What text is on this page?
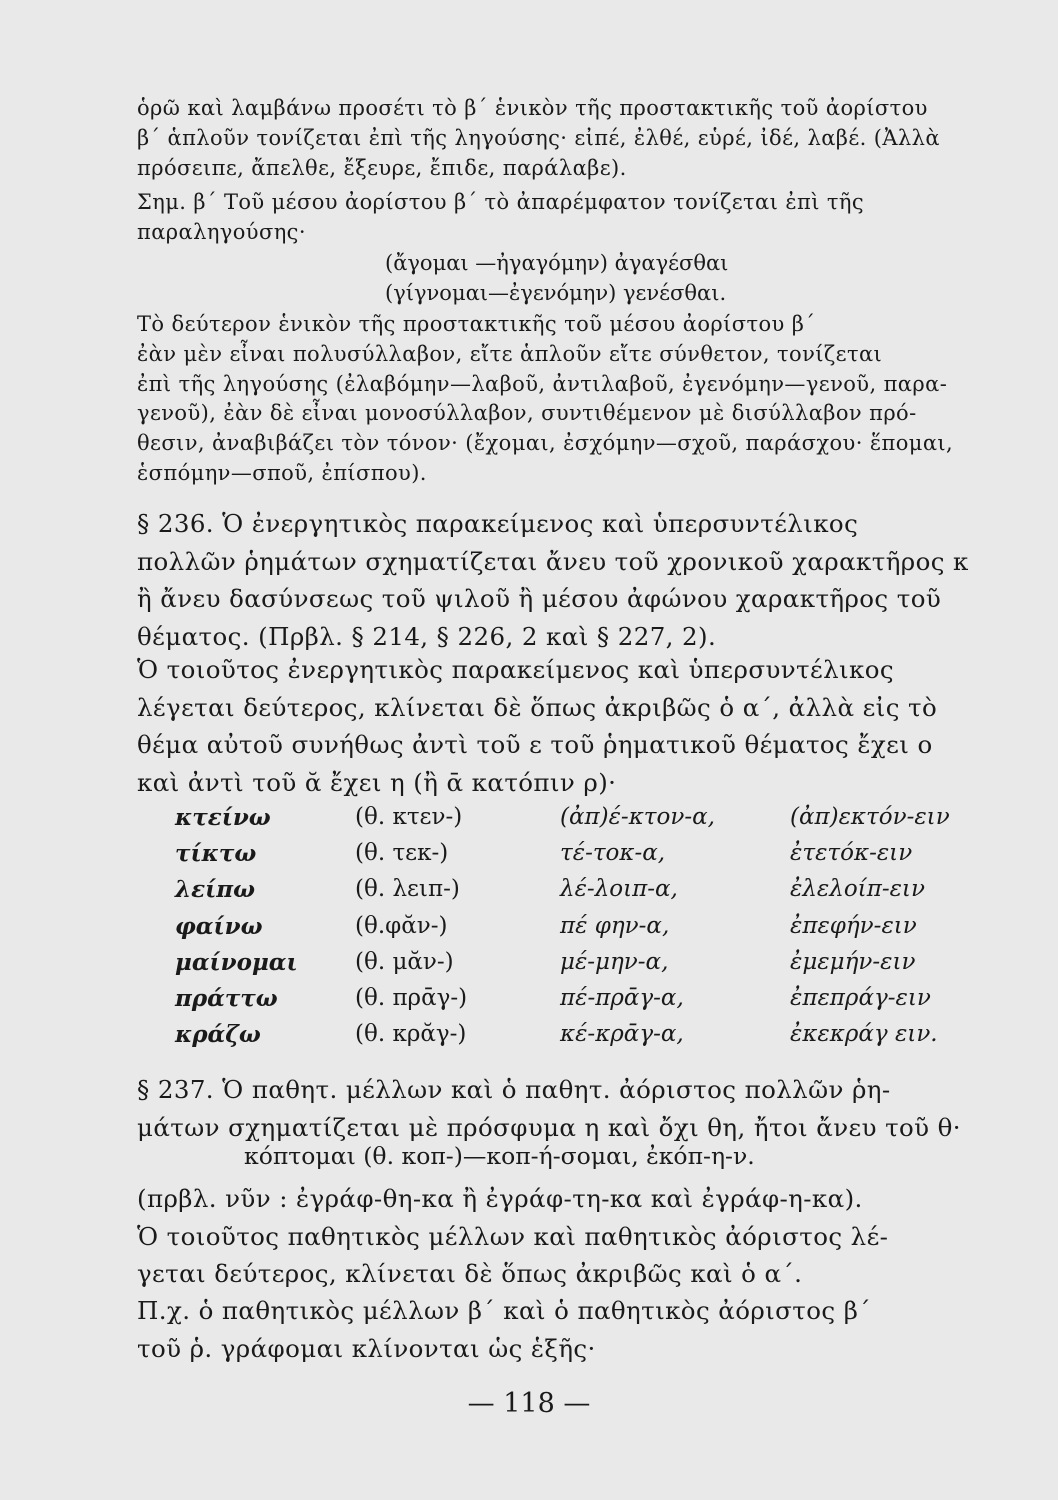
ὁρῶ καὶ λαμβάνω προσέτι τὸ β΄ ἑνικὸν τῆς προστακτικῆς τοῦ ἀορίστου
β΄ ἁπλοῦν τονίζεται ἐπὶ τῆς ληγούσης· εἰπέ, ἐλθέ, εὑρέ, ἰδέ, λαβέ. (Ἀλλὰ
πρόσειπε, ἄπελθε, ἔξευρε, ἔπιδε, παράλαβε).

Σημ. β΄ Τοῦ μέσου ἀορίστου β΄ τὸ ἀπαρέμφατον τονίζεται ἐπὶ τῆς
παραληγούσης·

(ἄγομαι —ἠγαγόμην) ἀγαγέσθαι
(γίγνομαι—ἐγενόμην) γενέσθαι.

Τὸ δεύτερον ἑνικὸν τῆς προστακτικῆς τοῦ μέσου ἀορίστου β΄
ἐὰν μὲν εἶναι πολυσύλλαβον, εἴτε ἁπλοῦν εἴτε σύνθετον, τονίζεται
ἐπὶ τῆς ληγούσης (ἐλαβόμην—λαβοῦ, ἀντιλαβοῦ, ἐγενόμην—γενοῦ, παρα-
γενοῦ), ἐὰν δὲ εἶναι μονοσύλλαβον, συντιθέμενον μὲ δισύλλαβον πρό-
θεσιν, ἀναβιβάζει τὸν τόνον· (ἔχομαι, ἐσχόμην—σχοῦ, παράσχου· ἕπομαι,
ἑσπόμην—σποῦ, ἐπίσπου).

§ 236. Ὁ ἐνεργητικὸς παρακείμενος καὶ ὑπερσυντέλικος
πολλῶν ῥημάτων σχηματίζεται ἄνευ τοῦ χρονικοῦ χαρακτῆρος κ
ἢ ἄνευ δασύνσεως τοῦ ψιλοῦ ἢ μέσου ἀφώνου χαρακτῆρος τοῦ
θέματος. (Πρβλ. § 214, § 226, 2 καὶ § 227, 2).

Ὁ τοιοῦτος ἐνεργητικὸς παρακείμενος καὶ ὑπερσυντέλικος
λέγεται δεύτερος, κλίνεται δὲ ὅπως ἀκριβῶς ὁ α΄, ἀλλὰ εἰς τὸ
θέμα αὐτοῦ συνήθως ἀντὶ τοῦ ε τοῦ ῥηματικοῦ θέματος ἔχει ο
καὶ ἀντὶ τοῦ ᾰ ἔχει η (ἢ ᾱ κατόπιν ρ)·

κτείνω	(θ. κτεν-)	(ἀπ)έ-κτον-α,	(ἀπ)εκτόν-ειν
τίκτω	(θ. τεκ-)	τέ-τοκ-α,	ἐτετόκ-ειν
λείπω	(θ. λειπ-)	λέ-λοιπ-α,	ἐλελοίπ-ειν
φαίνω	(θ.φᾰν-)	πέ φην-α,	ἐπεφήν-ειν
μαίνομαι (θ. μᾰν-)	μέ-μην-α,	ἐμεμήν-ειν
πράττω	(θ. πρᾱγ-)	πέ-πρᾱγ-α,	ἐπεπράγ-ειν
κράζω	(θ. κρᾰγ-)	κέ-κρᾱγ-α,	ἐκεκράγ ειν.

§ 237. Ὁ παθητ. μέλλων καὶ ὁ παθητ. ἀόριστος πολλῶν ῥη-
μάτων σχηματίζεται μὲ πρόσφυμα η καὶ ὄχι θη, ἤτοι ἄνευ τοῦ θ·

κόπτομαι (θ. κοπ-)—κοπ-ή-σομαι, ἐκόπ-η-ν.

(πρβλ. νῦν : ἐγράφ-θη-κα ἢ ἐγράφ-τη-κα καὶ ἐγράφ-η-κα).
Ὁ τοιοῦτος παθητικὸς μέλλων καὶ παθητικὸς ἀόριστος λέ-
γεται δεύτερος, κλίνεται δὲ ὅπως ἀκριβῶς καὶ ὁ α΄.

Π.χ. ὁ παθητικὸς μέλλων β΄ καὶ ὁ παθητικὸς ἀόριστος β΄
τοῦ ῥ. γράφομαι κλίνονται ὡς ἑξῆς·

— 118 —
